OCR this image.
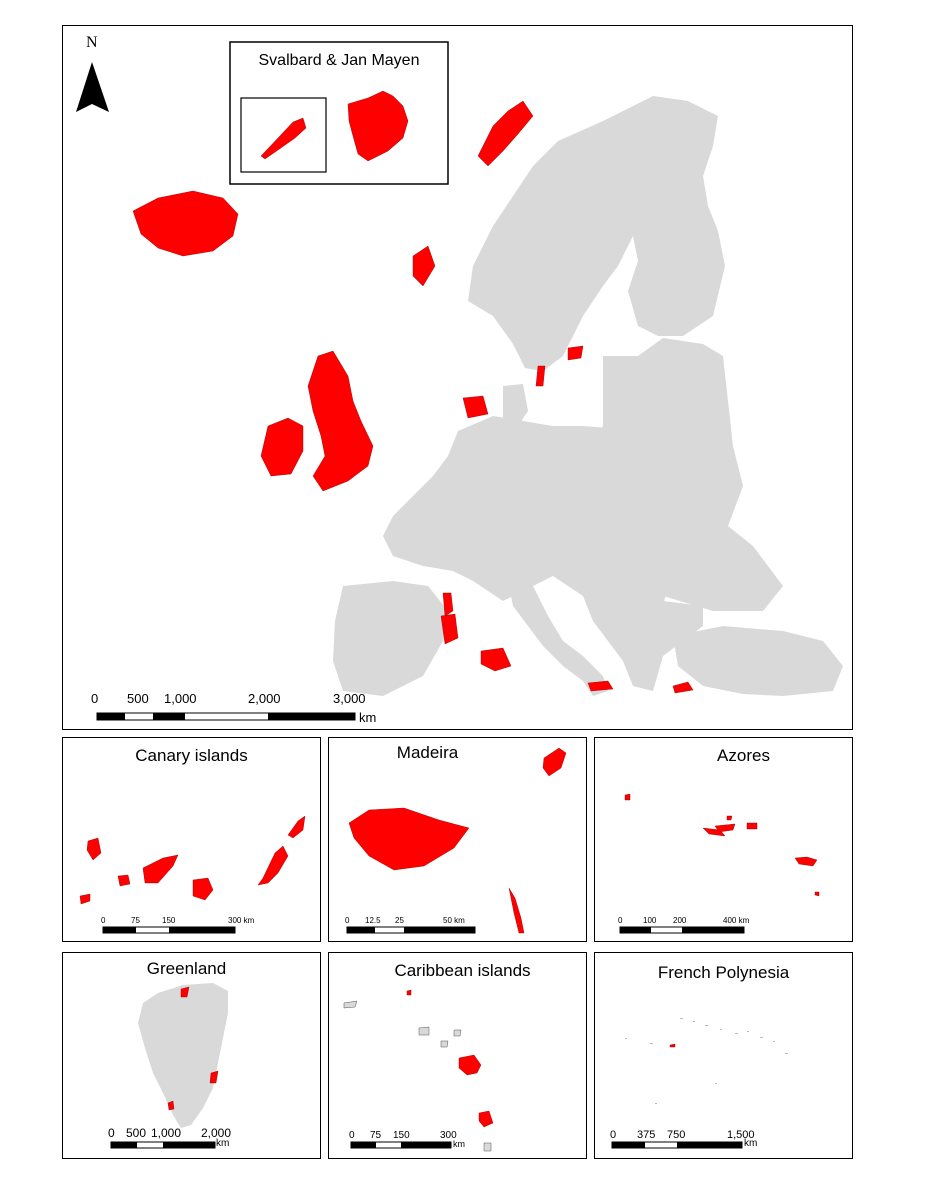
N
Svalbard & Jan Mayen
0 500 1,000	2,000	3,000
km
Canary islands
0	75	150	300 km
Madeira
0 12.5 25	50 km
Azores
0	100 200	400 km
Greenland
0 500 1,000 2,000
km
Caribbean islands
0 75 150	300
km
French Polynesia
0 375 750	1,500
km
